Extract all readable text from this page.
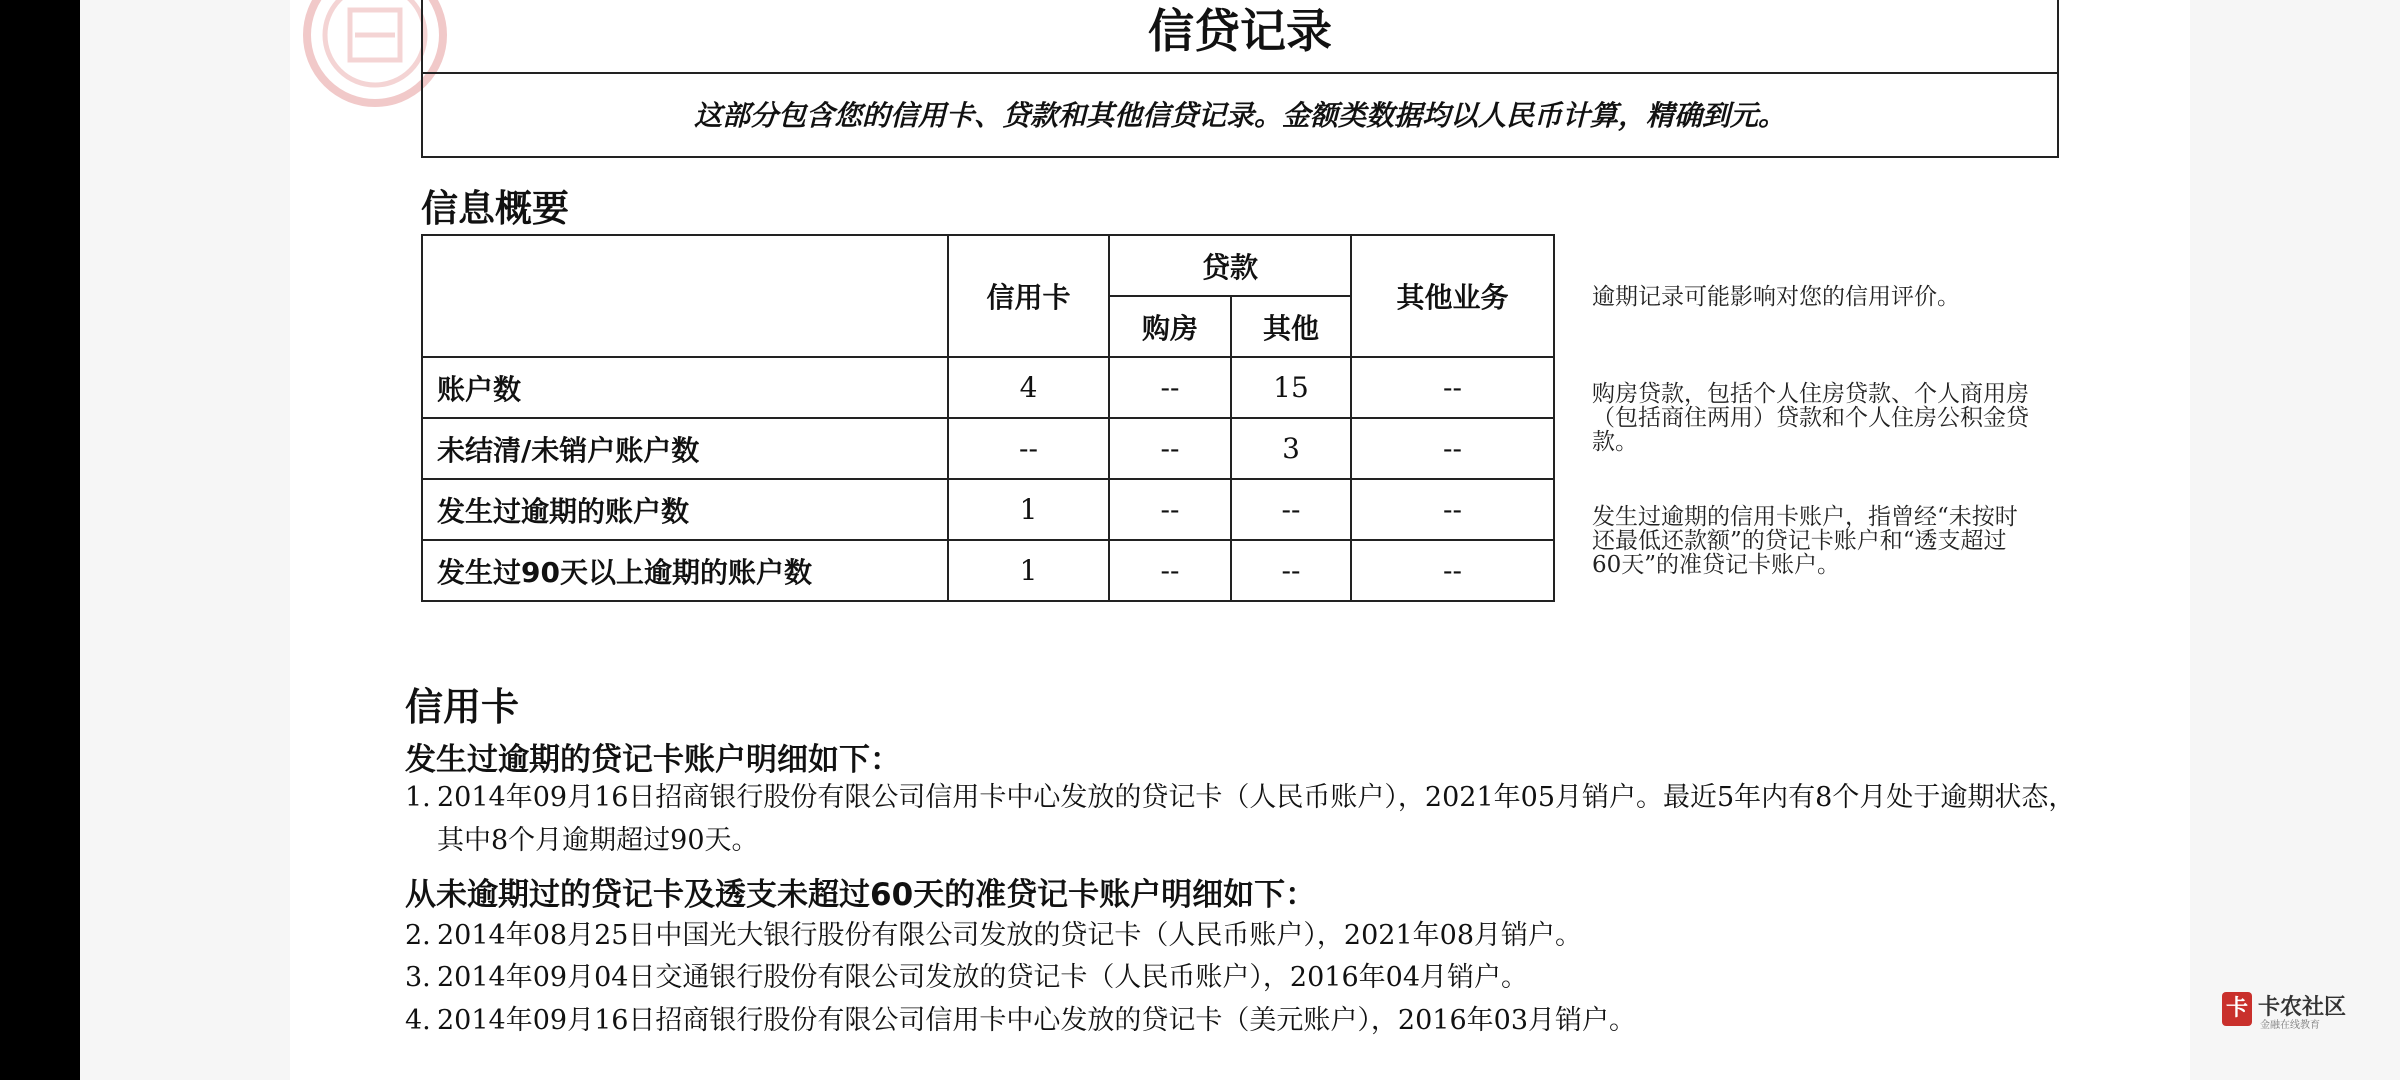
信贷记录
这部分包含您的信用卡、贷款和其他信贷记录。金额类数据均以人民币计算，精确到元。
信息概要
	信用卡	贷款		其他业务
		购房	其他	
账户数	4	--	15	--
未结清/未销户账户数	--	--	3	--
发生过逾期的账户数	1	--	--	--
发生过90天以上逾期的账户数	1	--	--	--
逾期记录可能影响对您的信用评价。
购房贷款，包括个人住房贷款、个人商用房（包括商住两用）贷款和个人住房公积金贷款。
发生过逾期的信用卡账户，指曾经“未按时还最低还款额”的贷记卡账户和“透支超过60天”的准贷记卡账户。
信用卡
发生过逾期的贷记卡账户明细如下：
1. 2014年09月16日招商银行股份有限公司信用卡中心发放的贷记卡（人民币账户），2021年05月销户。最近5年内有8个月处于逾期状态，其中8个月逾期超过90天。
从未逾期过的贷记卡及透支未超过60天的准贷记卡账户明细如下：
2. 2014年08月25日中国光大银行股份有限公司发放的贷记卡（人民币账户），2021年08月销户。
3. 2014年09月04日交通银行股份有限公司发放的贷记卡（人民币账户），2016年04月销户。
4. 2014年09月16日招商银行股份有限公司信用卡中心发放的贷记卡（美元账户），2016年03月销户。	卡 卡农社区
金融在线教育
